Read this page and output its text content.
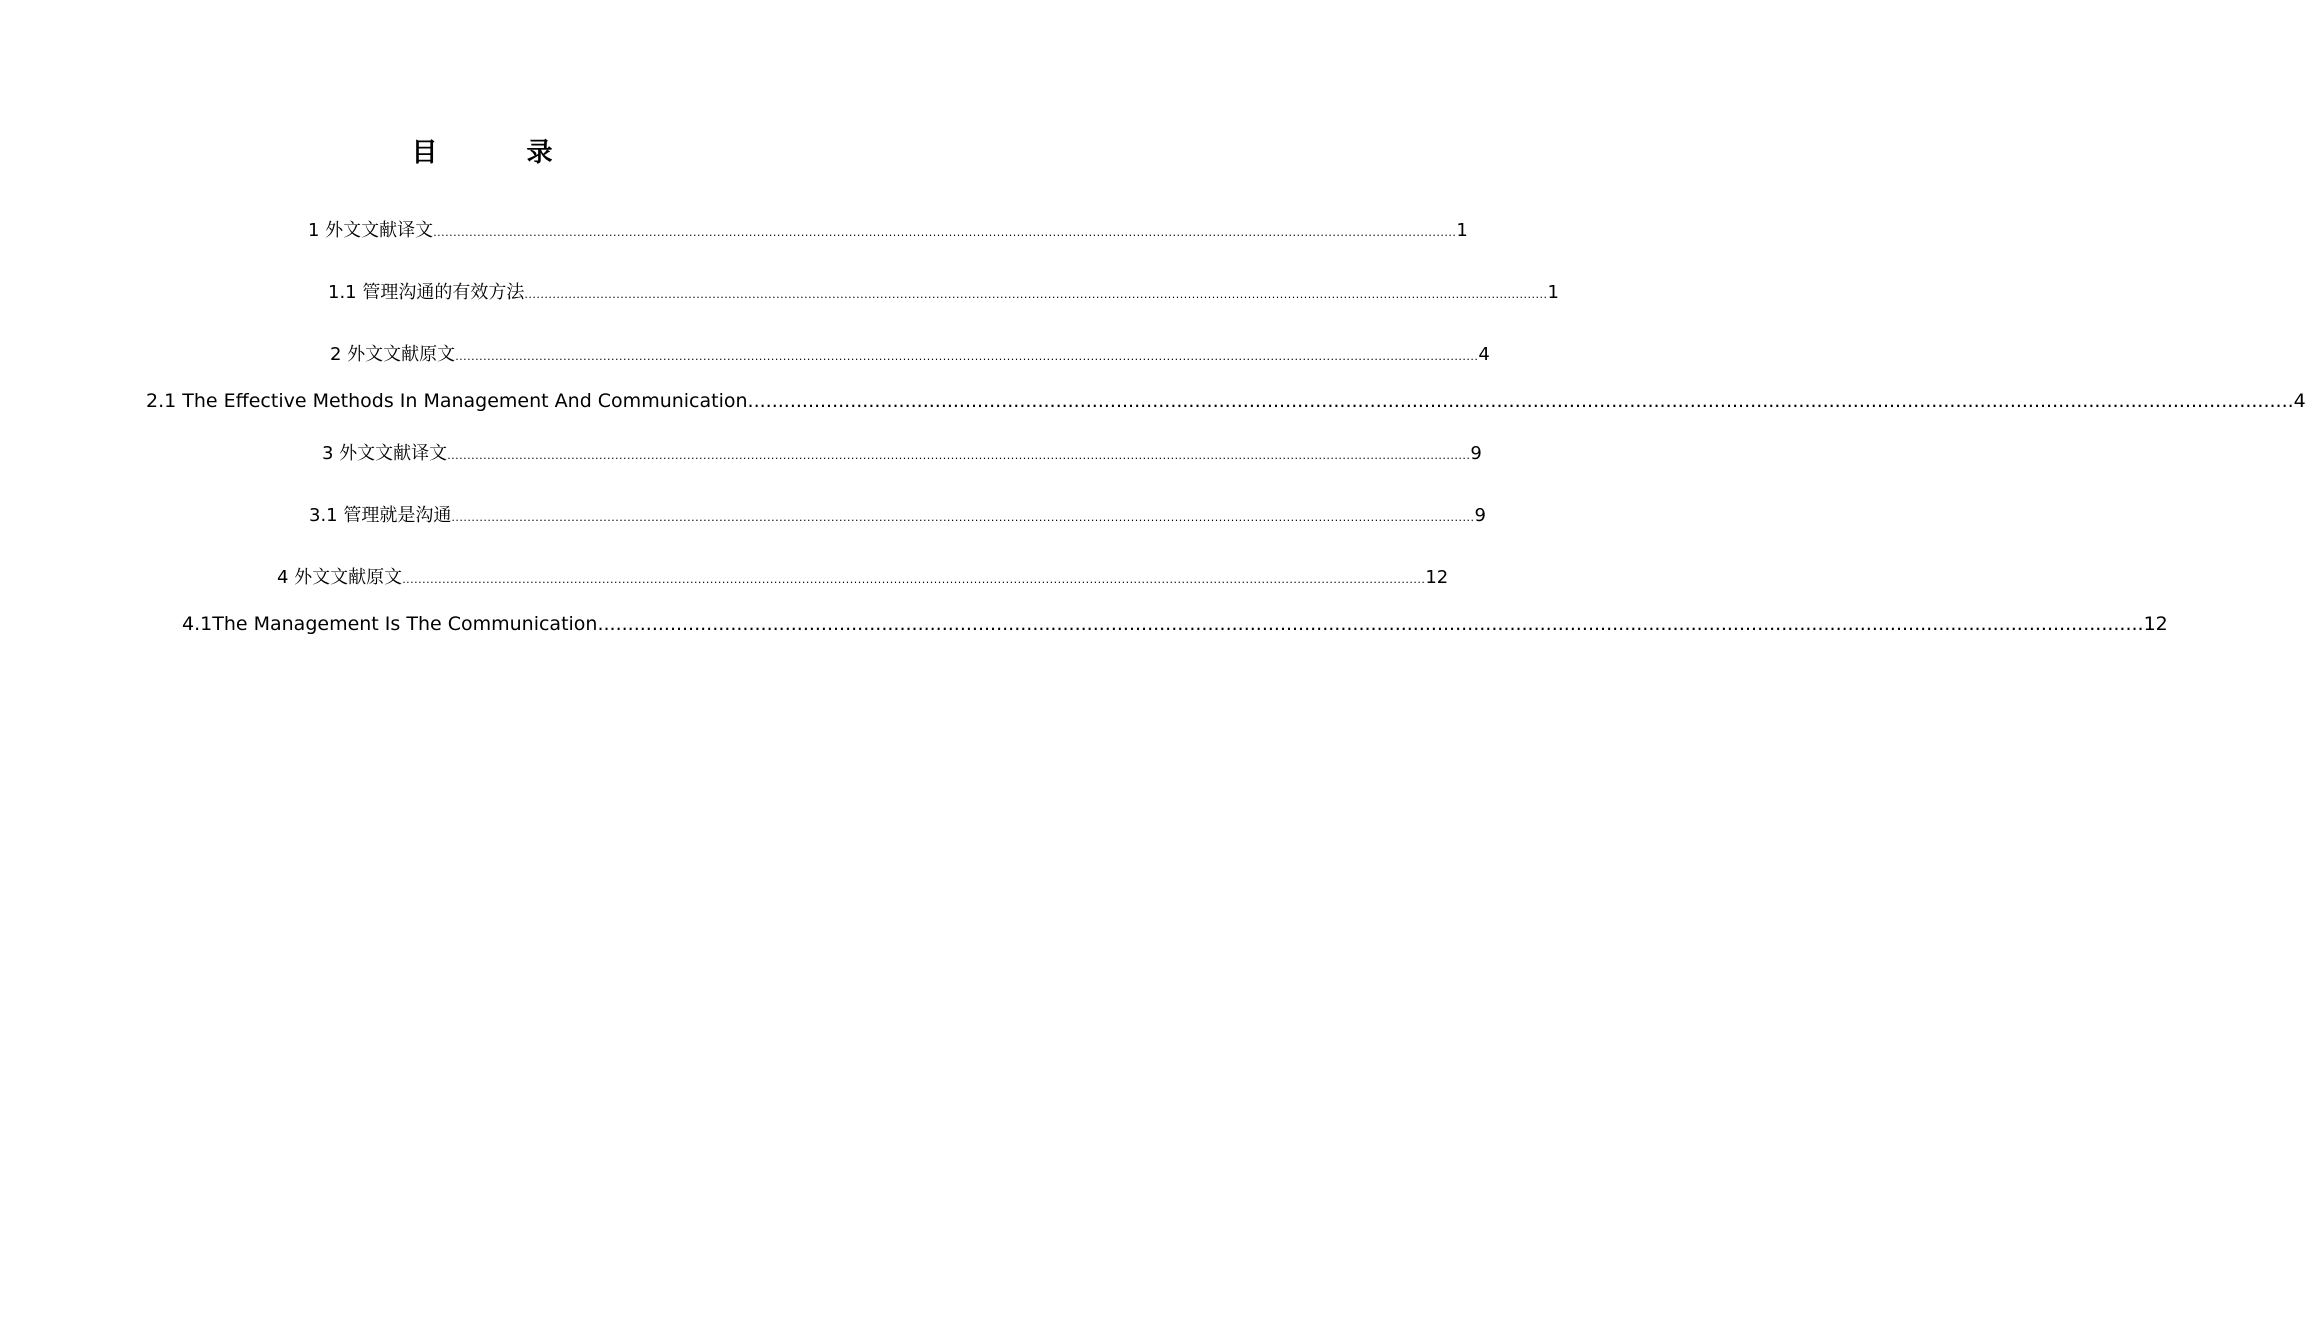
目 录
1 外文文献译文 ................................................................................................................................................................................................................................................................ 1
1.1 管理沟通的有效方法 ................................................................................................................................................................................................................................................................ 1
2 外文文献原文 ................................................................................................................................................................................................................................................................ 4
2.1 The Effective Methods In Management And Communication ................................................................................................................................................................................................................................................................ 4
3 外文文献译文 ................................................................................................................................................................................................................................................................ 9
3.1 管理就是沟通 ................................................................................................................................................................................................................................................................ 9
4 外文文献原文 ................................................................................................................................................................................................................................................................ 12
4.1The Management Is The Communication ................................................................................................................................................................................................................................................................ 12
